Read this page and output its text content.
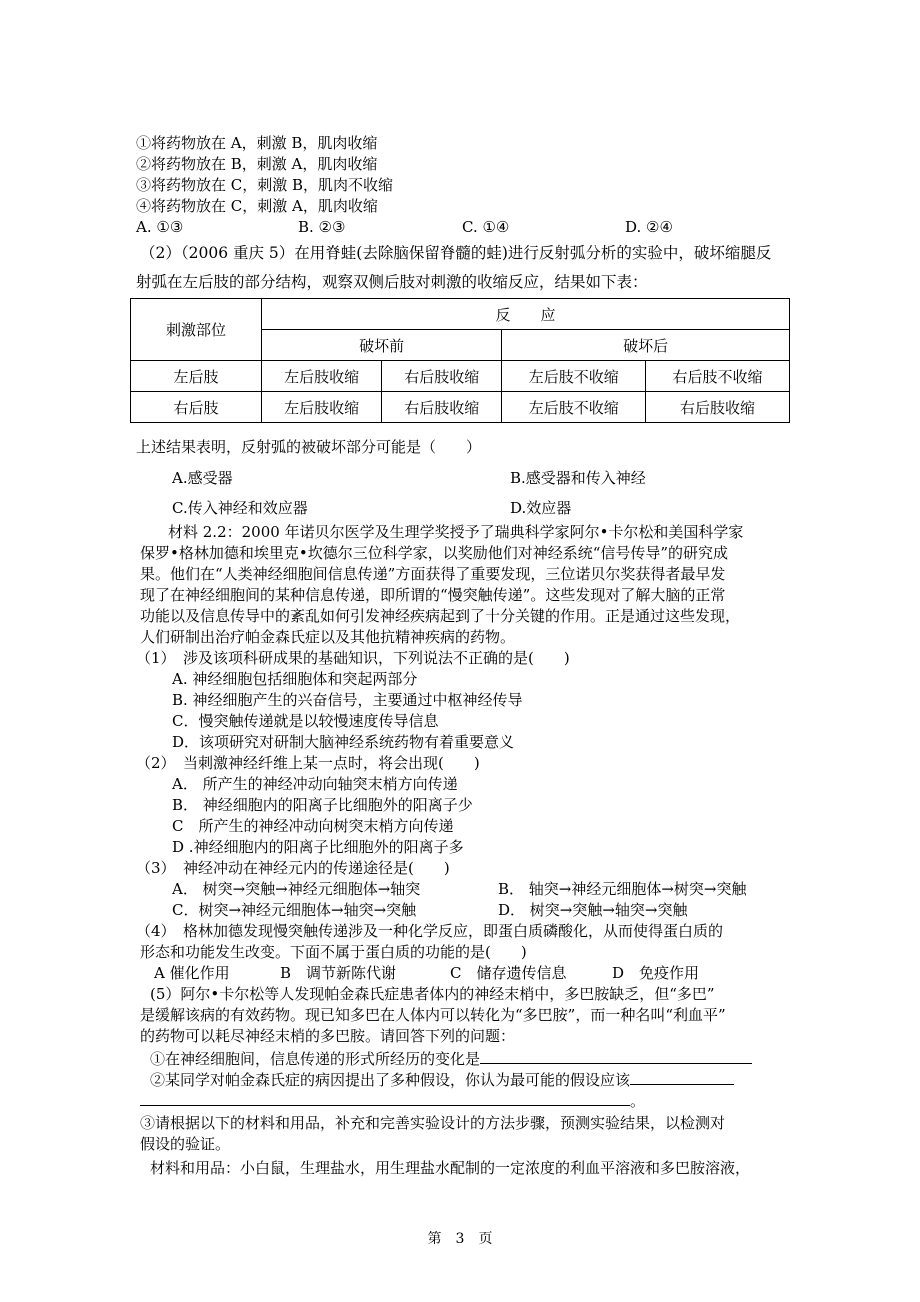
①将药物放在 A，刺激 B，肌肉收缩
②将药物放在 B，刺激 A，肌肉收缩
③将药物放在 C，刺激 B，肌肉不收缩
④将药物放在 C，刺激 A，肌肉收缩
A. ①③	B. ②③	C. ①④	D. ②④
（2）（2006 重庆 5）在用脊蛙(去除脑保留脊髓的蛙)进行反射弧分析的实验中，破坏缩腿反
射弧在左后肢的部分结构，观察双侧后肢对刺激的收缩反应，结果如下表：
刺激部位	反　　应			
	破坏前		破坏后	
左后肢	左后肢收缩	右后肢收缩	左后肢不收缩	右后肢不收缩
右后肢	左后肢收缩	右后肢收缩	左后肢不收缩	右后肢收缩
上述结果表明，反射弧的被破坏部分可能是（　　）
A.感受器	B.感受器和传入神经
C.传入神经和效应器	D.效应器
材料 2.2：2000 年诺贝尔医学及生理学奖授予了瑞典科学家阿尔•卡尔松和美国科学家
保罗•格林加德和埃里克•坎德尔三位科学家，以奖励他们对神经系统“信号传导”的研究成
果。他们在“人类神经细胞间信息传递”方面获得了重要发现，三位诺贝尔奖获得者最早发
现了在神经细胞间的某种信息传递，即所谓的“慢突触传递”。这些发现对了解大脑的正常
功能以及信息传导中的紊乱如何引发神经疾病起到了十分关键的作用。正是通过这些发现，
人们研制出治疗帕金森氏症以及其他抗精神疾病的药物。
（1）　涉及该项科研成果的基础知识，下列说法不正确的是(　　)
A. 神经细胞包括细胞体和突起两部分
B. 神经细胞产生的兴奋信号，主要通过中枢神经传导
C．慢突触传递就是以较慢速度传导信息
D．该项研究对研制大脑神经系统药物有着重要意义
（2）　当刺激神经纤维上某一点时，将会出现(　　)
A． 所产生的神经冲动向轴突末梢方向传递
B． 神经细胞内的阳离子比细胞外的阳离子少
C　所产生的神经冲动向树突末梢方向传递
D .神经细胞内的阳离子比细胞外的阳离子多
（3）　神经冲动在神经元内的传递途径是(　　)
A． 树突→突触→神经元细胞体→轴突	B． 轴突→神经元细胞体→树突→突触
C．树突→神经元细胞体→轴突→突触	D． 树突→突触→轴突→突触
（4）　格林加德发现慢突触传递涉及一种化学反应，即蛋白质磷酸化，从而使得蛋白质的
形态和功能发生改变。下面不属于蛋白质的功能的是(　　)
A 催化作用	B　调节新陈代谢	C　储存遗传信息	D　免疫作用
(5）阿尔•卡尔松等人发现帕金森氏症患者体内的神经末梢中，多巴胺缺乏，但“多巴”
是缓解该病的有效药物。现已知多巴在人体内可以转化为“多巴胺”，而一种名叫“利血平”
的药物可以耗尽神经末梢的多巴胺。请回答下列的问题：
①在神经细胞间，信息传递的形式所经历的变化是
②某同学对帕金森氏症的病因提出了多种假设，你认为最可能的假设应该
。
③请根据以下的材料和用品，补充和完善实验设计的方法步骤，预测实验结果，以检测对
假设的验证。
材料和用品：小白鼠，生理盐水，用生理盐水配制的一定浓度的利血平溶液和多巴胺溶液，
第　3　页
